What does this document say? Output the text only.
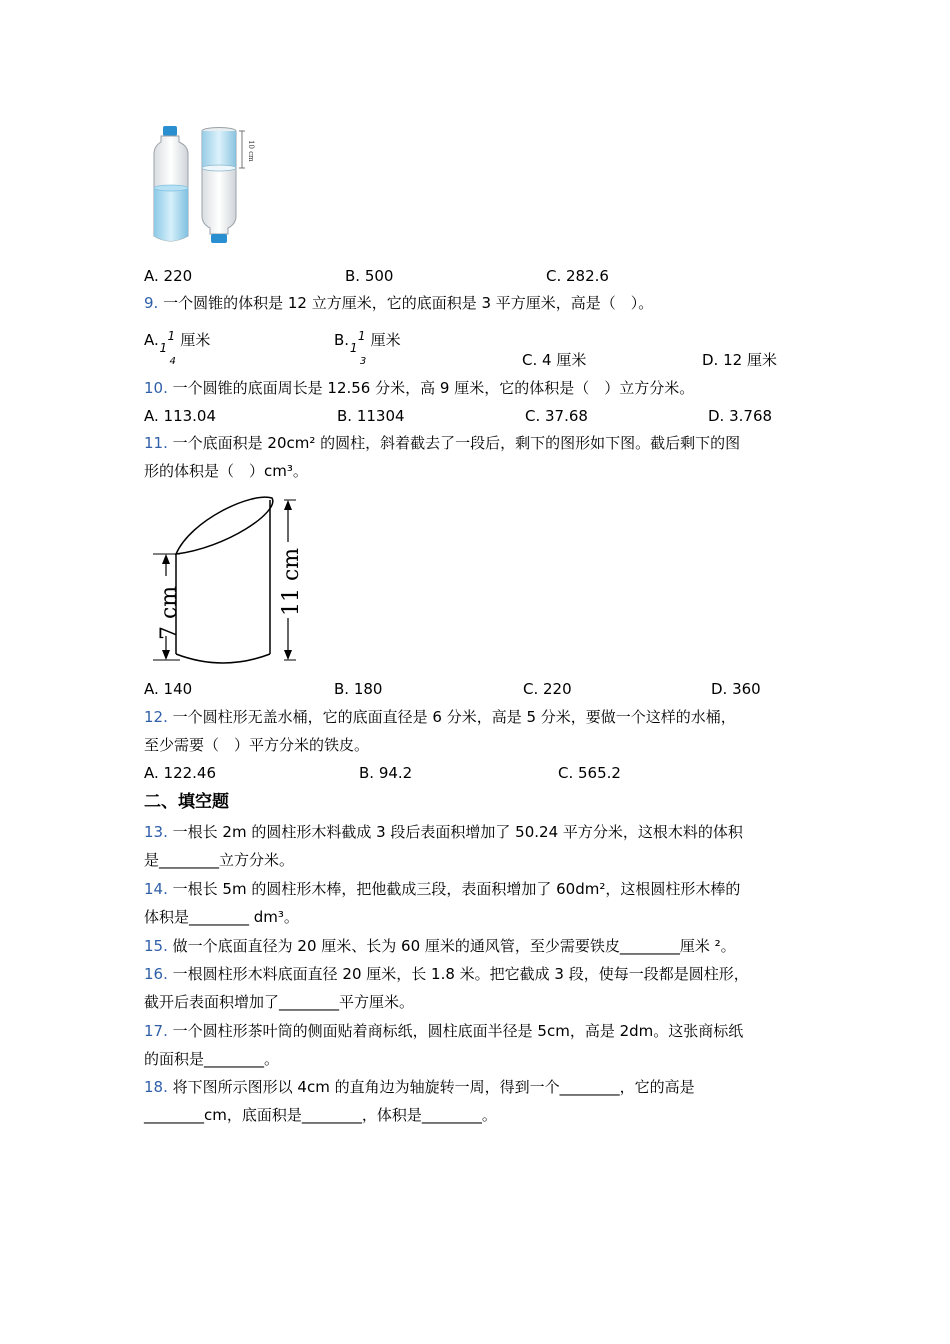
10 cm
A. 220	B. 500	C. 282.6
9. 一个圆锥的体积是 12 立方厘米，它的底面积是 3 平方厘米，高是（　）。
A. 1
1
4
厘米	B. 1
1
3
厘米
C. 4 厘米	D. 12 厘米
10. 一个圆锥的底面周长是 12.56 分米，高 9 厘米，它的体积是（　）立方分米。
A. 113.04	B. 11304	C. 37.68	D. 3.768
11. 一个底面积是 20cm² 的圆柱，斜着截去了一段后，剩下的图形如下图。截后剩下的图
形的体积是（　）cm³。
7 cm	11 cm
A. 140	B. 180	C. 220	D. 360
12. 一个圆柱形无盖水桶，它的底面直径是 6 分米，高是 5 分米，要做一个这样的水桶，
至少需要（　）平方分米的铁皮。
A. 122.46	B. 94.2	C. 565.2
二、填空题
13. 一根长 2m 的圆柱形木料截成 3 段后表面积增加了 50.24 平方分米，这根木料的体积
是________立方分米。
14. 一根长 5m 的圆柱形木棒，把他截成三段，表面积增加了 60dm²，这根圆柱形木棒的
体积是________ dm³。
15. 做一个底面直径为 20 厘米、长为 60 厘米的通风管，至少需要铁皮________厘米 ²。
16. 一根圆柱形木料底面直径 20 厘米，长 1.8 米。把它截成 3 段，使每一段都是圆柱形，
截开后表面积增加了________平方厘米。
17. 一个圆柱形茶叶筒的侧面贴着商标纸，圆柱底面半径是 5cm，高是 2dm。这张商标纸
的面积是________。
18. 将下图所示图形以 4cm 的直角边为轴旋转一周，得到一个________，它的高是
________cm，底面积是________，体积是________。
